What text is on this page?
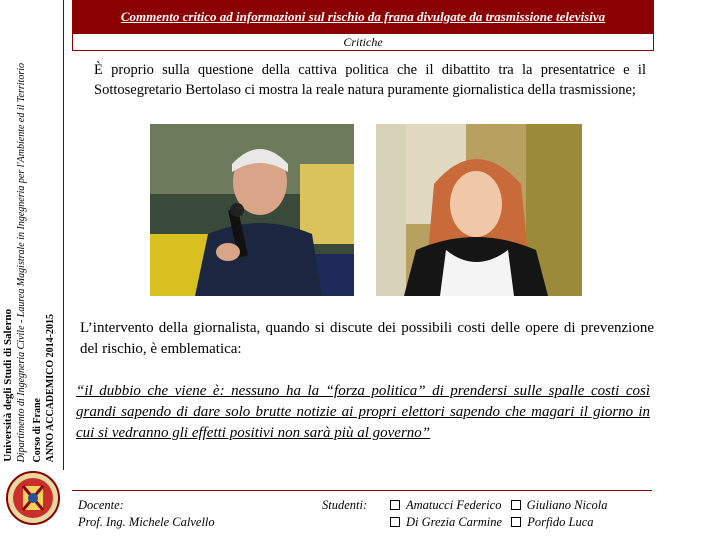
Università degli Studi di Salerno Dipartimento di Ingegneria Civile - Laurea Magistrale in Ingegneria per l'Ambiente ed il Territorio Corso di Frane ANNO ACCADEMICO 2014-2015
Commento critico ad informazioni sul rischio da frana divulgate da trasmissione televisiva
Critiche
È proprio sulla questione della cattiva politica che il dibattito tra la presentatrice e il Sottosegretario Bertolaso ci mostra la reale natura puramente giornalistica della trasmissione;
L’intervento della giornalista, quando si discute dei possibili costi delle opere di prevenzione del rischio, è emblematica:
“il dubbio che viene è: nessuno ha la “forza politica” di prendersi sulle spalle costi così grandi sapendo di dare solo brutte notizie ai propri elettori sapendo che magari il giorno in cui si vedranno gli effetti positivi non sarà più al governo”
Docente:
Prof. Ing. Michele Calvello
Studenti:	Amatucci Federico Giuliano Nicola
Di Grezia Carmine Porfido Luca
